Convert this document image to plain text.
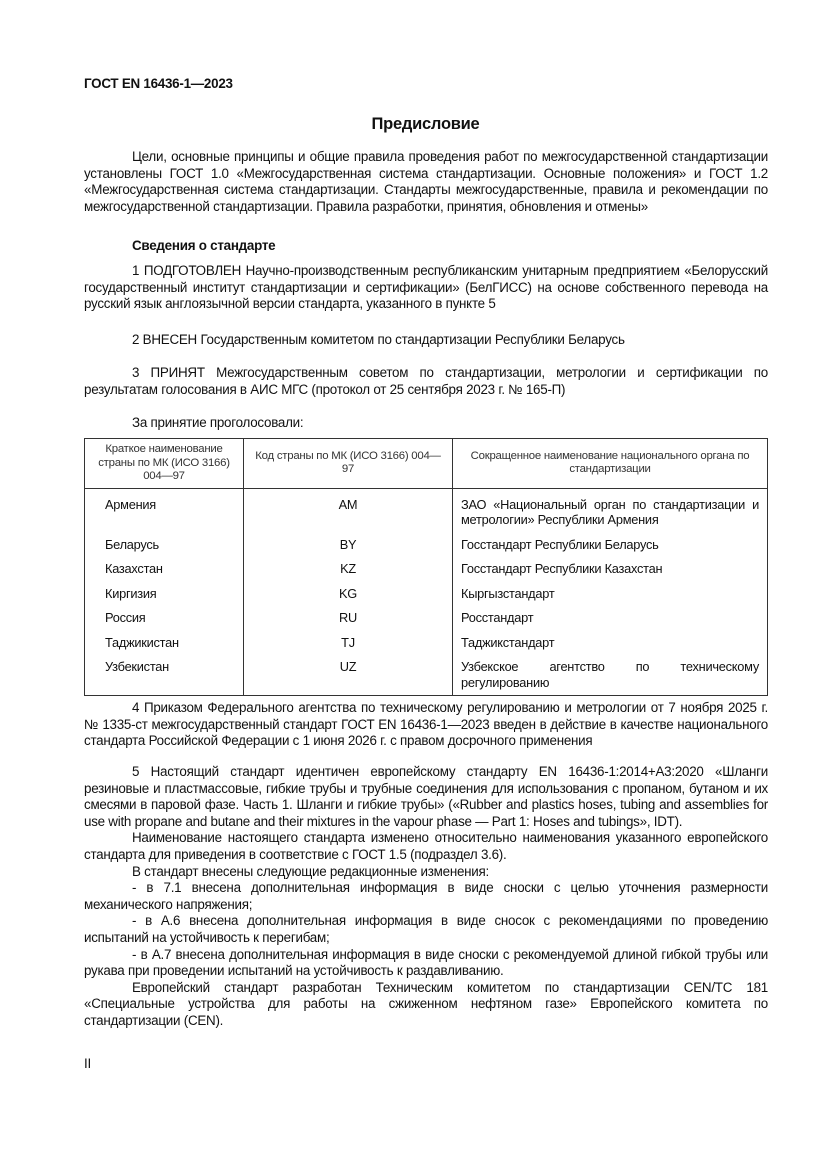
ГОСТ EN 16436-1—2023
Предисловие

Цели, основные принципы и общие правила проведения работ по межгосударственной стандартизации установлены ГОСТ 1.0 «Межгосударственная система стандартизации. Основные положения» и ГОСТ 1.2 «Межгосударственная система стандартизации. Стандарты межгосударственные, правила и рекомендации по межгосударственной стандартизации. Правила разработки, принятия, обновления и отмены»

Сведения о стандарте

1 ПОДГОТОВЛЕН Научно-производственным республиканским унитарным предприятием «Белорусский государственный институт стандартизации и сертификации» (БелГИСС) на основе собственного перевода на русский язык англоязычной версии стандарта, указанного в пункте 5

2 ВНЕСЕН Государственным комитетом по стандартизации Республики Беларусь

3 ПРИНЯТ Межгосударственным советом по стандартизации, метрологии и сертификации по результатам голосования в АИС МГС (протокол от 25 сентября 2023 г. № 165-П)

За принятие проголосовали:

Краткое наименование страны по МК (ИСО 3166) 004—97	Код страны по МК (ИСО 3166) 004—97	Сокращенное наименование национального органа по стандартизации
Армения	AM	ЗАО «Национальный орган по стандартизации и метрологии» Республики Армения
Беларусь	BY	Госстандарт Республики Беларусь
Казахстан	KZ	Госстандарт Республики Казахстан
Киргизия	KG	Кыргызстандарт
Россия	RU	Росстандарт
Таджикистан	TJ	Таджикстандарт
Узбекистан	UZ	Узбекское агентство по техническому регулированию

4 Приказом Федерального агентства по техническому регулированию и метрологии от 7 ноября 2025 г. № 1335-ст межгосударственный стандарт ГОСТ EN 16436-1—2023 введен в действие в качестве национального стандарта Российской Федерации с 1 июня 2026 г. с правом досрочного применения

5 Настоящий стандарт идентичен европейскому стандарту EN 16436-1:2014+A3:2020 «Шланги резиновые и пластмассовые, гибкие трубы и трубные соединения для использования с пропаном, бутаном и их смесями в паровой фазе. Часть 1. Шланги и гибкие трубы» («Rubber and plastics hoses, tubing and assemblies for use with propane and butane and their mixtures in the vapour phase — Part 1: Hoses and tubings», IDT).

Наименование настоящего стандарта изменено относительно наименования указанного европейского стандарта для приведения в соответствие с ГОСТ 1.5 (подраздел 3.6).

В стандарт внесены следующие редакционные изменения:

- в 7.1 внесена дополнительная информация в виде сноски с целью уточнения размерности механического напряжения;

- в А.6 внесена дополнительная информация в виде сносок с рекомендациями по проведению испытаний на устойчивость к перегибам;

- в А.7 внесена дополнительная информация в виде сноски с рекомендуемой длиной гибкой трубы или рукава при проведении испытаний на устойчивость к раздавливанию.

Европейский стандарт разработан Техническим комитетом по стандартизации CEN/TC 181 «Специальные устройства для работы на сжиженном нефтяном газе» Европейского комитета по стандартизации (CEN).

II
